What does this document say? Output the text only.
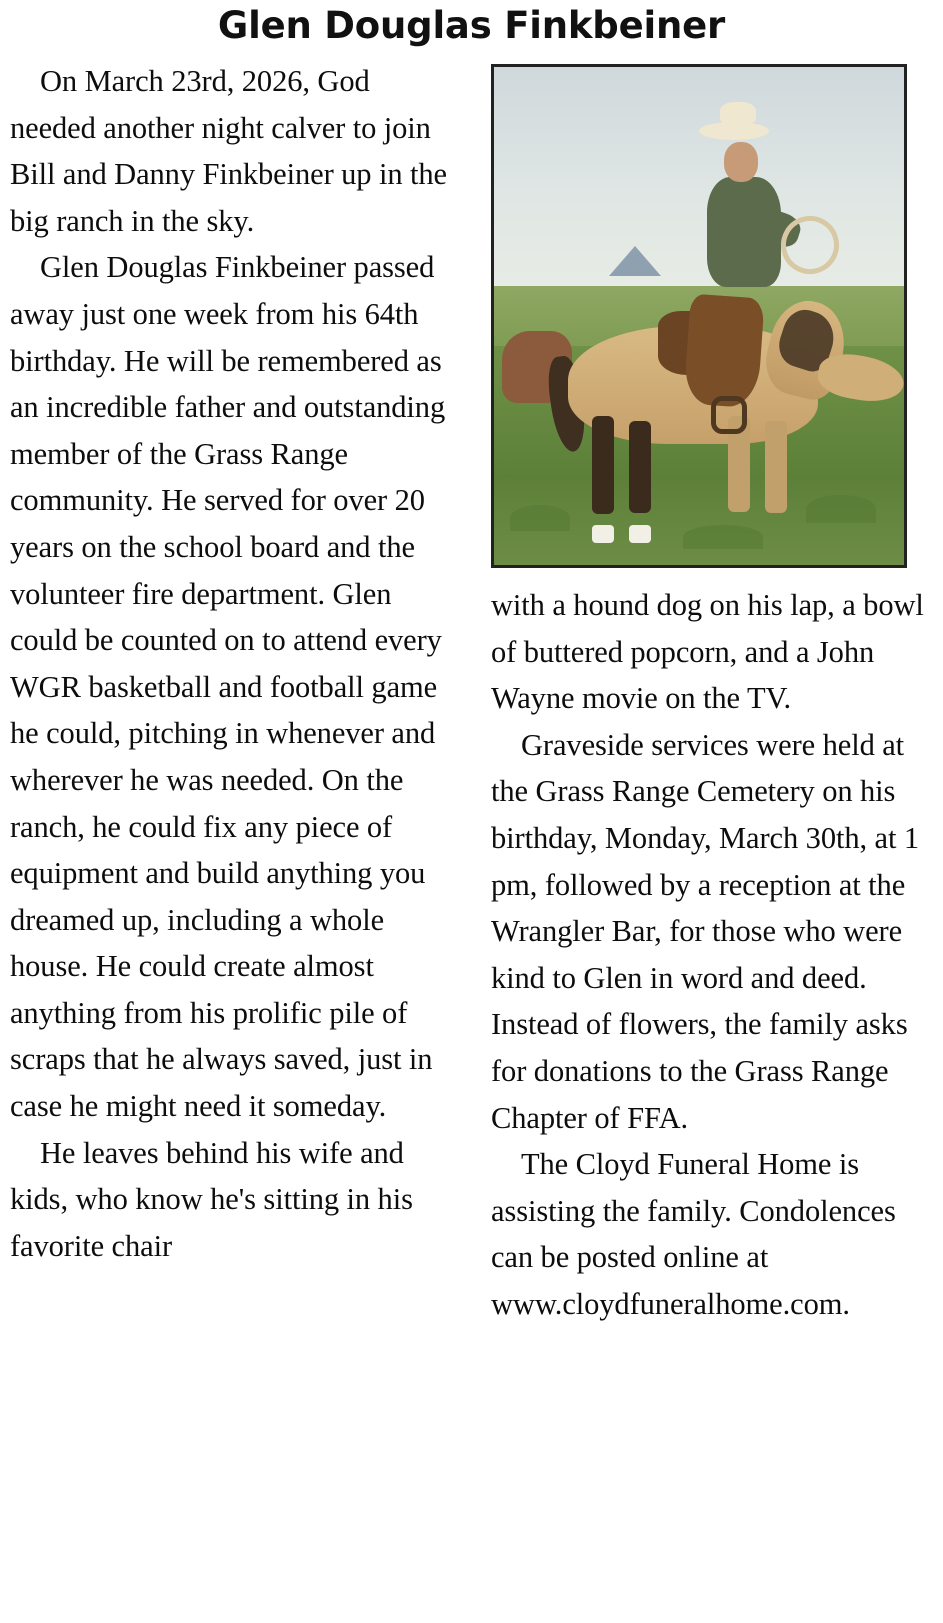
Glen Douglas Finkbeiner

On March 23rd, 2026, God needed another night calver to join Bill and Danny Finkbeiner up in the big ranch in the sky.

Glen Douglas Finkbeiner passed away just one week from his 64th birthday. He will be remembered as an incredible father and outstanding member of the Grass Range community. He served for over 20 years on the school board and the volunteer fire department. Glen could be counted on to attend every WGR basketball and football game he could, pitching in whenever and wherever he was needed. On the ranch, he could fix any piece of equipment and build anything you dreamed up, including a whole house. He could create almost anything from his prolific pile of scraps that he always saved, just in case he might need it someday.

He leaves behind his wife and kids, who know he's sitting in his favorite chair

with a hound dog on his lap, a bowl of buttered popcorn, and a John Wayne movie on the TV.

Graveside services were held at the Grass Range Cemetery on his birthday, Monday, March 30th, at 1 pm, followed by a reception at the Wrangler Bar, for those who were kind to Glen in word and deed. Instead of flowers, the family asks for donations to the Grass Range Chapter of FFA.

The Cloyd Funeral Home is assisting the family. Condolences can be posted online at www.cloydfuneralhome.com.
